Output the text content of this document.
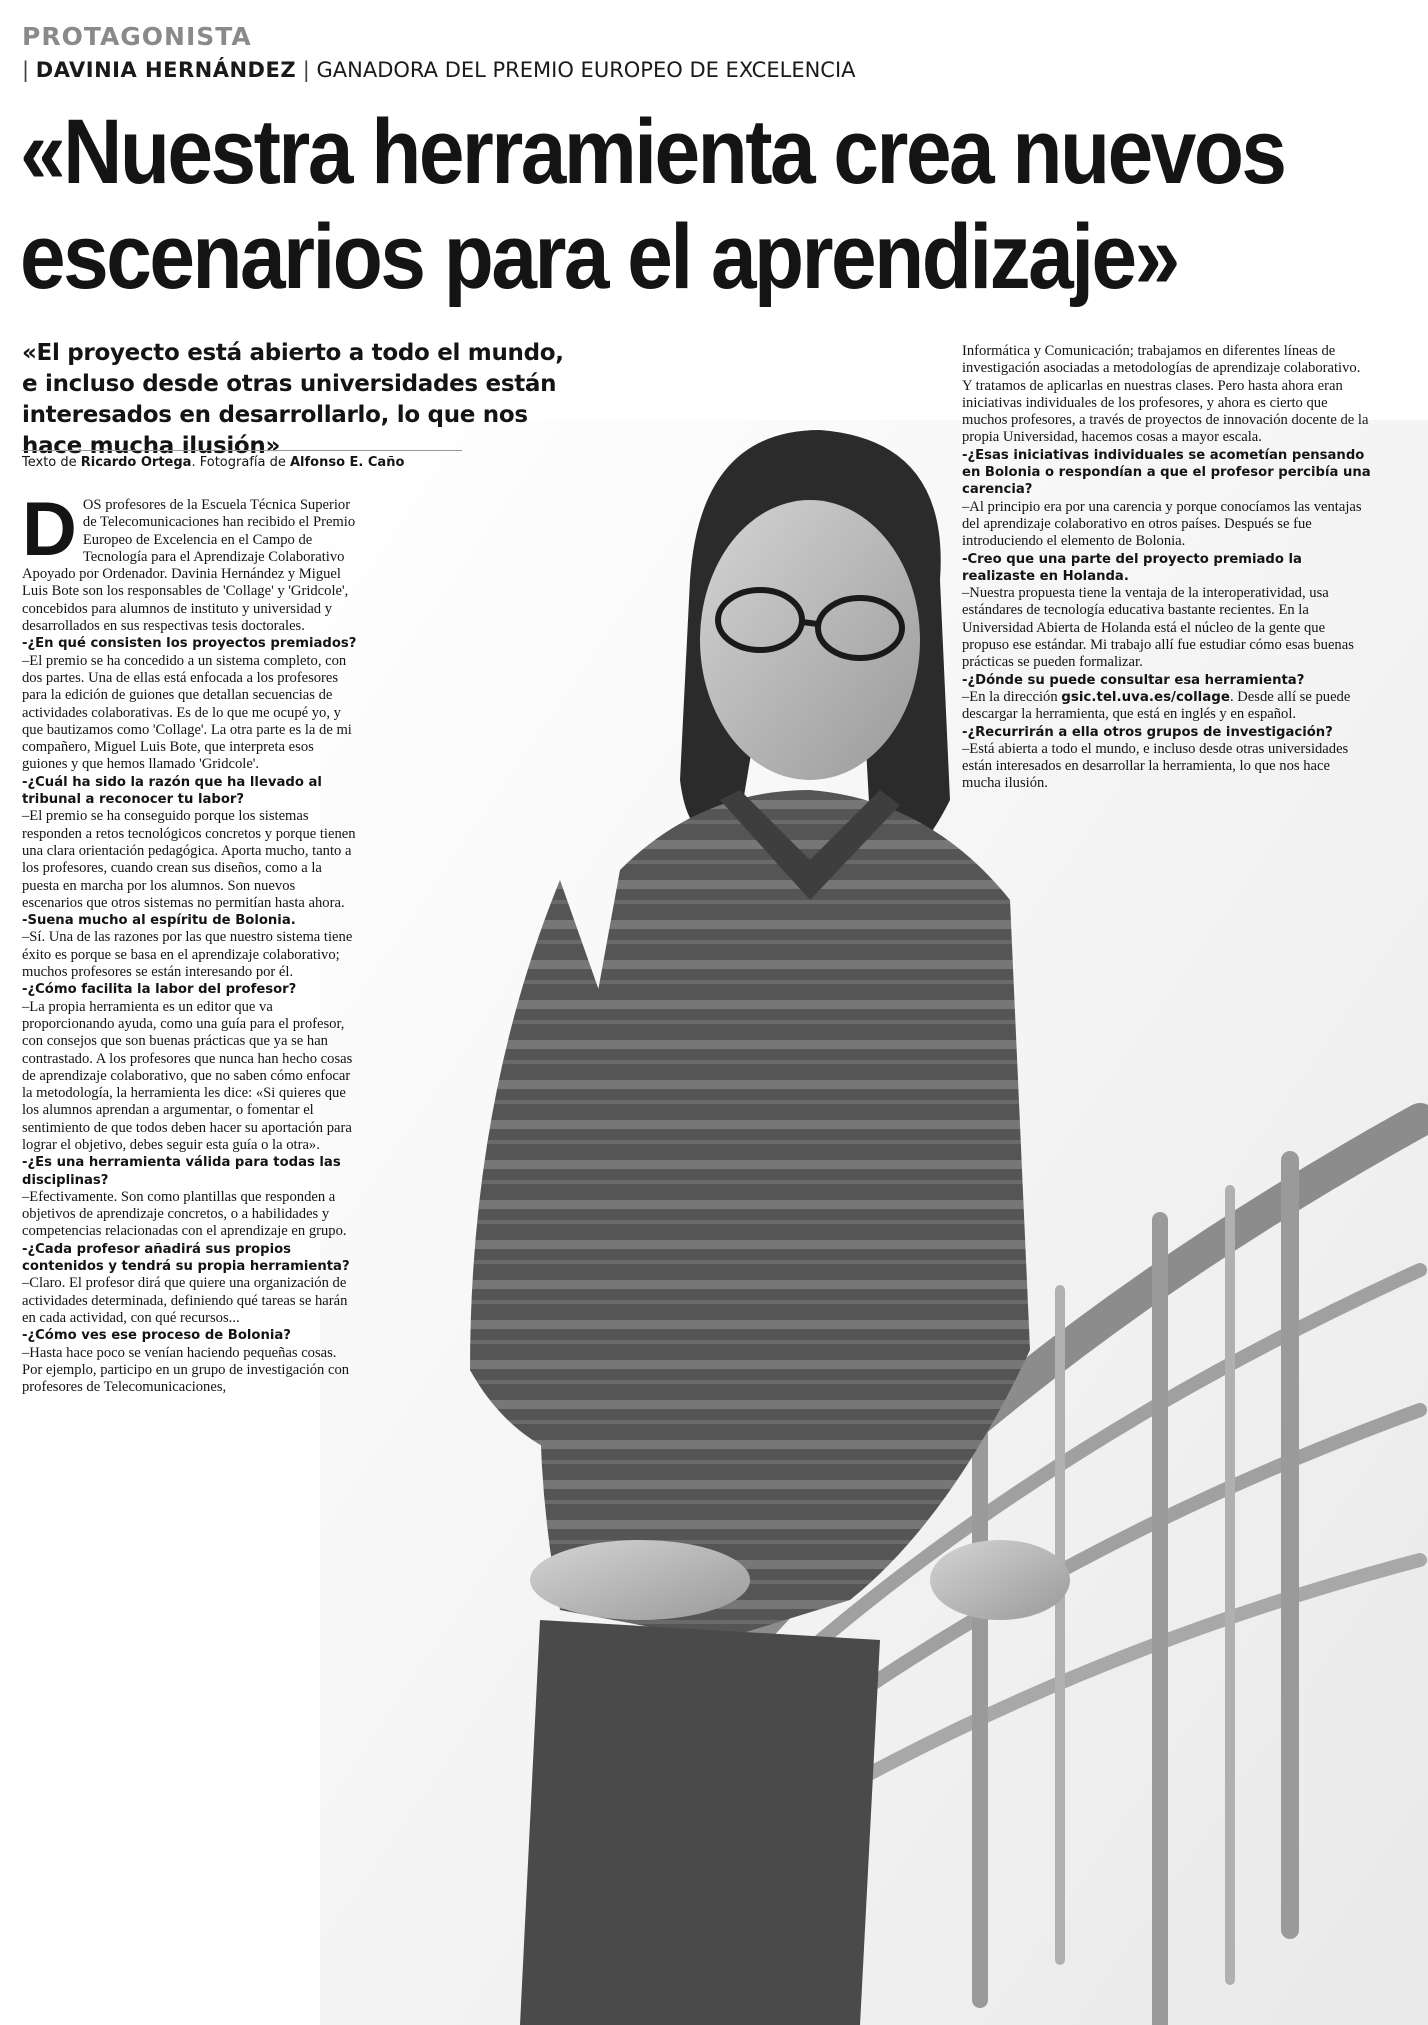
PROTAGONISTA
| DAVINIA HERNÁNDEZ | GANADORA DEL PREMIO EUROPEO DE EXCELENCIA
«Nuestra herramienta crea nuevos
escenarios para el aprendizaje»
«El proyecto está abierto a todo el mundo, e incluso desde otras universidades están interesados en desarrollarlo, lo que nos hace mucha ilusión»
Texto de Ricardo Ortega. Fotografía de Alfonso E. Caño

DOS profesores de la Escuela Técnica Superior de Telecomunicaciones han recibido el Premio Europeo de Excelencia en el Campo de Tecnología para el Aprendizaje Colaborativo Apoyado por Ordenador. Davinia Hernández y Miguel Luis Bote son los responsables de 'Collage' y 'Gridcole', concebidos para alumnos de instituto y universidad y desarrollados en sus respectivas tesis doctorales.

-¿En qué consisten los proyectos premiados?

–El premio se ha concedido a un sistema completo, con dos partes. Una de ellas está enfocada a los profesores para la edición de guiones que detallan secuencias de actividades colaborativas. Es de lo que me ocupé yo, y que bautizamos como 'Collage'. La otra parte es la de mi compañero, Miguel Luis Bote, que interpreta esos guiones y que hemos llamado 'Gridcole'.

-¿Cuál ha sido la razón que ha llevado al tribunal a reconocer tu labor?

–El premio se ha conseguido porque los sistemas responden a retos tecnológicos concretos y porque tienen una clara orientación pedagógica. Aporta mucho, tanto a los profesores, cuando crean sus diseños, como a la puesta en marcha por los alumnos. Son nuevos escenarios que otros sistemas no permitían hasta ahora.

-Suena mucho al espíritu de Bolonia.

–Sí. Una de las razones por las que nuestro sistema tiene éxito es porque se basa en el aprendizaje colaborativo; muchos profesores se están interesando por él.

-¿Cómo facilita la labor del profesor?

–La propia herramienta es un editor que va proporcionando ayuda, como una guía para el profesor, con consejos que son buenas prácticas que ya se han contrastado. A los profesores que nunca han hecho cosas de aprendizaje colaborativo, que no saben cómo enfocar la metodología, la herramienta les dice: «Si quieres que los alumnos aprendan a argumentar, o fomentar el sentimiento de que todos deben hacer su aportación para lograr el objetivo, debes seguir esta guía o la otra».

-¿Es una herramienta válida para todas las disciplinas?

–Efectivamente. Son como plantillas que responden a objetivos de aprendizaje concretos, o a habilidades y competencias relacionadas con el aprendizaje en grupo.

-¿Cada profesor añadirá sus propios contenidos y tendrá su propia herramienta?

–Claro. El profesor dirá que quiere una organización de actividades determinada, definiendo qué tareas se harán en cada actividad, con qué recursos...

-¿Cómo ves ese proceso de Bolonia?

–Hasta hace poco se venían haciendo pequeñas cosas. Por ejemplo, participo en un grupo de investigación con profesores de Telecomunicaciones,

Informática y Comunicación; trabajamos en diferentes líneas de investigación asociadas a metodologías de aprendizaje colaborativo. Y tratamos de aplicarlas en nuestras clases. Pero hasta ahora eran iniciativas individuales de los profesores, y ahora es cierto que muchos profesores, a través de proyectos de innovación docente de la propia Universidad, hacemos cosas a mayor escala.

-¿Esas iniciativas individuales se acometían pensando en Bolonia o respondían a que el profesor percibía una carencia?

–Al principio era por una carencia y porque conocíamos las ventajas del aprendizaje colaborativo en otros países. Después se fue introduciendo el elemento de Bolonia.

-Creo que una parte del proyecto premiado la realizaste en Holanda.

–Nuestra propuesta tiene la ventaja de la interoperatividad, usa estándares de tecnología educativa bastante recientes. En la Universidad Abierta de Holanda está el núcleo de la gente que propuso ese estándar. Mi trabajo allí fue estudiar cómo esas buenas prácticas se pueden formalizar.

-¿Dónde su puede consultar esa herramienta?

–En la dirección gsic.tel.uva.es/collage. Desde allí se puede descargar la herramienta, que está en inglés y en español.

-¿Recurrirán a ella otros grupos de investigación?

–Está abierta a todo el mundo, e incluso desde otras universidades están interesados en desarrollar la herramienta, lo que nos hace mucha ilusión.
